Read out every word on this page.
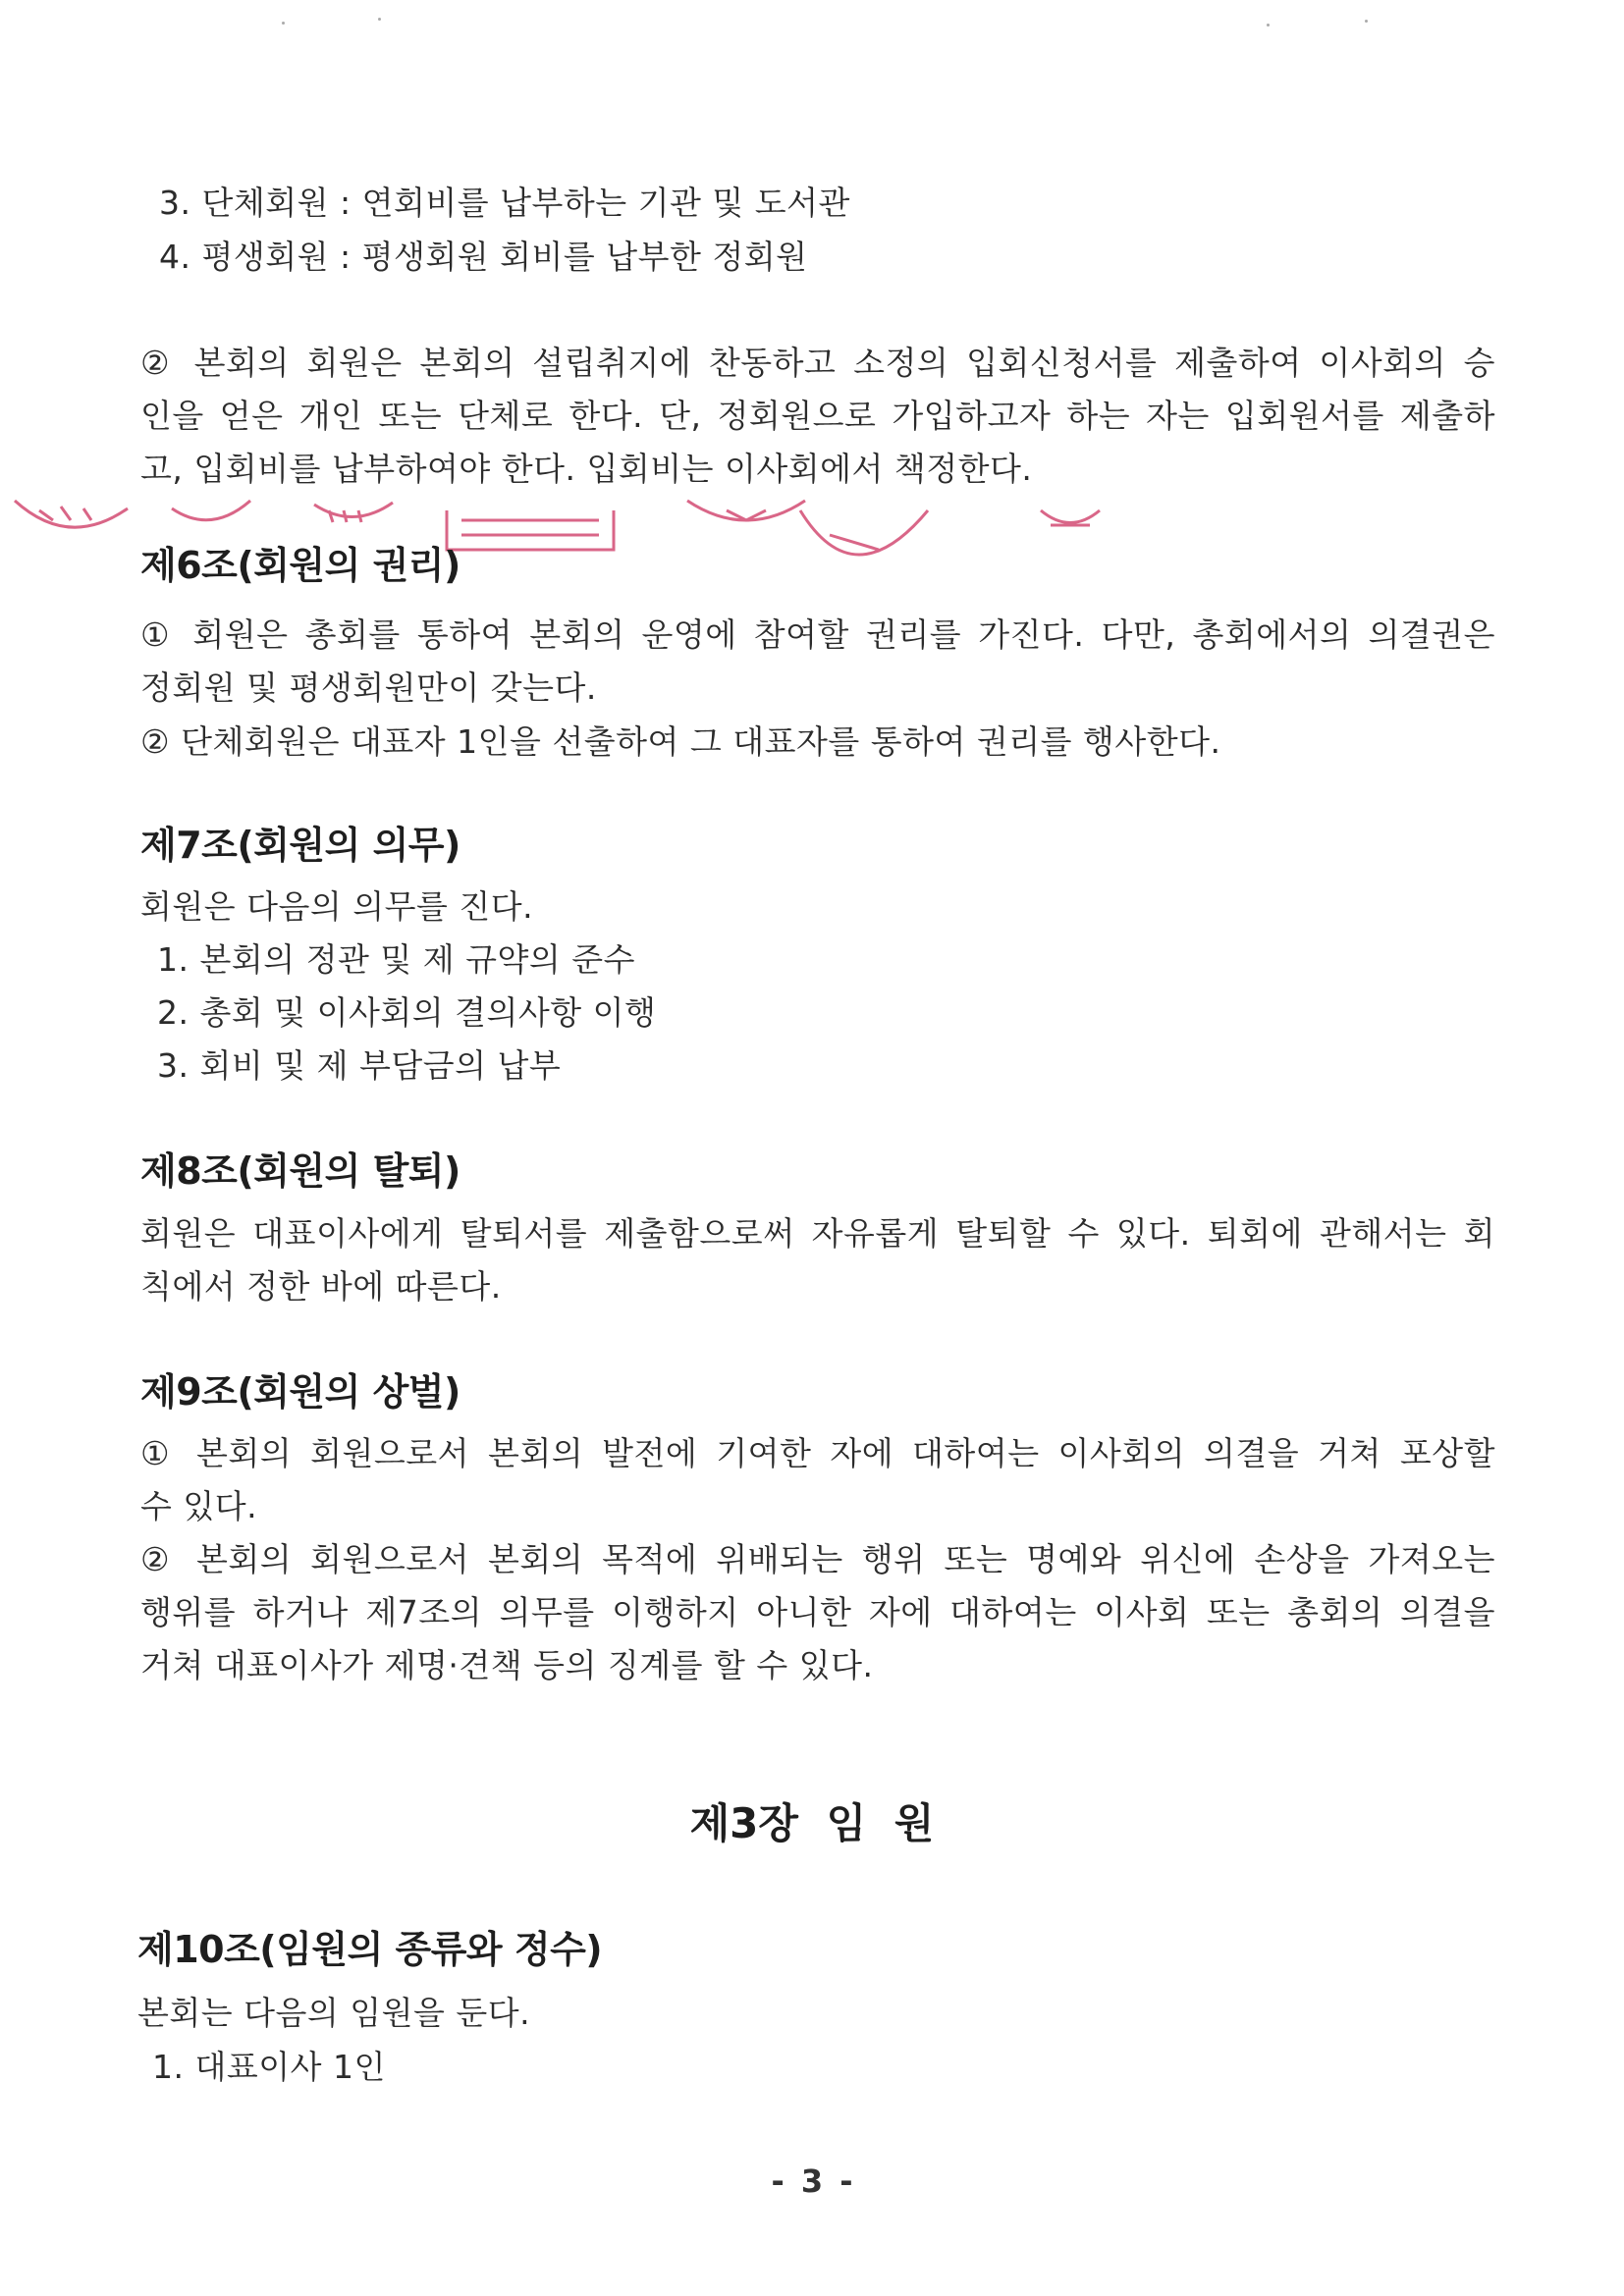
3. 단체회원 : 연회비를 납부하는 기관 및 도서관
4. 평생회원 : 평생회원 회비를 납부한 정회원
② 본회의 회원은 본회의 설립취지에 찬동하고 소정의 입회신청서를 제출하여 이사회의 승
인을 얻은 개인 또는 단체로 한다. 단, 정회원으로 가입하고자 하는 자는 입회원서를 제출하
고, 입회비를 납부하여야 한다. 입회비는 이사회에서 책정한다.
제6조(회원의 권리)
① 회원은 총회를 통하여 본회의 운영에 참여할 권리를 가진다. 다만, 총회에서의 의결권은
정회원 및 평생회원만이 갖는다.
② 단체회원은 대표자 1인을 선출하여 그 대표자를 통하여 권리를 행사한다.
제7조(회원의 의무)
회원은 다음의 의무를 진다.
1. 본회의 정관 및 제 규약의 준수
2. 총회 및 이사회의 결의사항 이행
3. 회비 및 제 부담금의 납부
제8조(회원의 탈퇴)
회원은 대표이사에게 탈퇴서를 제출함으로써 자유롭게 탈퇴할 수 있다. 퇴회에 관해서는 회
칙에서 정한 바에 따른다.
제9조(회원의 상벌)
① 본회의 회원으로서 본회의 발전에 기여한 자에 대하여는 이사회의 의결을 거쳐 포상할
수 있다.
② 본회의 회원으로서 본회의 목적에 위배되는 행위 또는 명예와 위신에 손상을 가져오는
행위를 하거나 제7조의 의무를 이행하지 아니한 자에 대하여는 이사회 또는 총회의 의결을
거쳐 대표이사가 제명·견책 등의 징계를 할 수 있다.
제3장 임 원
제10조(임원의 종류와 정수)
본회는 다음의 임원을 둔다.
1. 대표이사 1인
- 3 -
